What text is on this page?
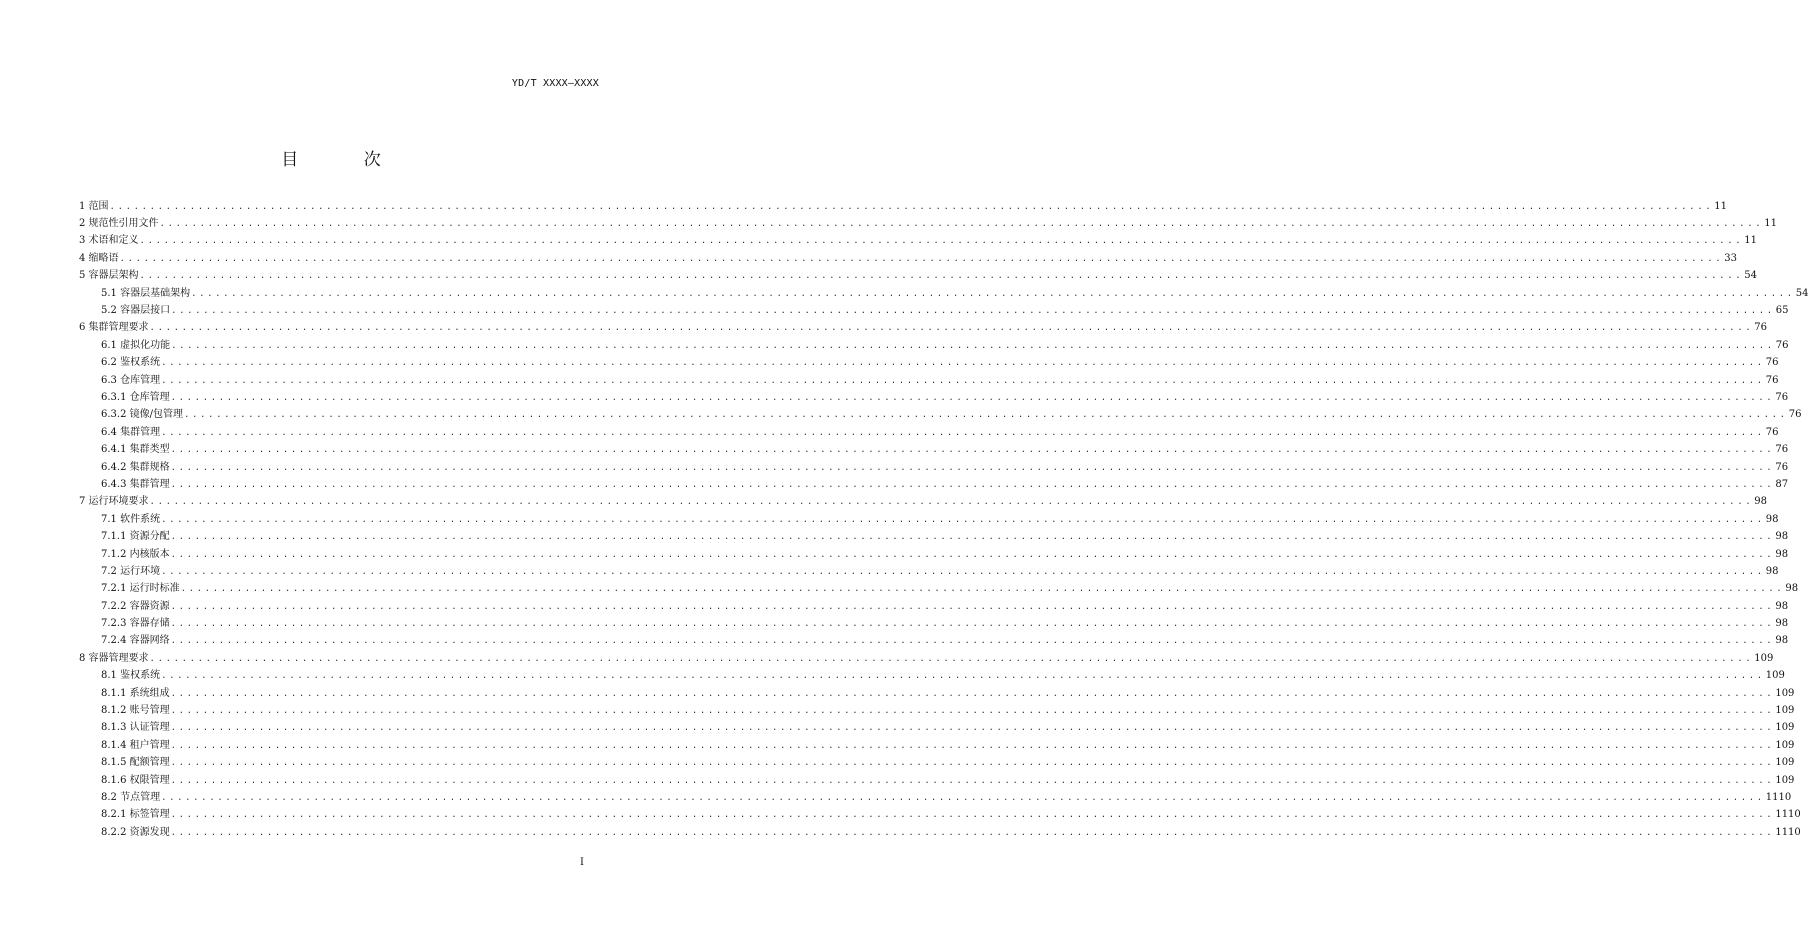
YD/T XXXX—XXXX
目 次
1 范围 ........................................................................................................................................................................................................ 11
2 规范性引用文件 ........................................................................................................................................................................................................ 11
3 术语和定义 ........................................................................................................................................................................................................ 11
4 缩略语 ........................................................................................................................................................................................................ 33
5 容器层架构 ........................................................................................................................................................................................................ 54
5.1 容器层基础架构 ........................................................................................................................................................................................................ 54
5.2 容器层接口 ........................................................................................................................................................................................................ 65
6 集群管理要求 ........................................................................................................................................................................................................ 76
6.1 虚拟化功能 ........................................................................................................................................................................................................ 76
6.2 鉴权系统 ........................................................................................................................................................................................................ 76
6.3 仓库管理 ........................................................................................................................................................................................................ 76
6.3.1 仓库管理 ........................................................................................................................................................................................................ 76
6.3.2 镜像/包管理 ........................................................................................................................................................................................................ 76
6.4 集群管理 ........................................................................................................................................................................................................ 76
6.4.1 集群类型 ........................................................................................................................................................................................................ 76
6.4.2 集群规格 ........................................................................................................................................................................................................ 76
6.4.3 集群管理 ........................................................................................................................................................................................................ 87
7 运行环境要求 ........................................................................................................................................................................................................ 98
7.1 软件系统 ........................................................................................................................................................................................................ 98
7.1.1 资源分配 ........................................................................................................................................................................................................ 98
7.1.2 内核版本 ........................................................................................................................................................................................................ 98
7.2 运行环境 ........................................................................................................................................................................................................ 98
7.2.1 运行时标准 ........................................................................................................................................................................................................ 98
7.2.2 容器资源 ........................................................................................................................................................................................................ 98
7.2.3 容器存储 ........................................................................................................................................................................................................ 98
7.2.4 容器网络 ........................................................................................................................................................................................................ 98
8 容器管理要求 ........................................................................................................................................................................................................ 109
8.1 鉴权系统 ........................................................................................................................................................................................................ 109
8.1.1 系统组成 ........................................................................................................................................................................................................ 109
8.1.2 账号管理 ........................................................................................................................................................................................................ 109
8.1.3 认证管理 ........................................................................................................................................................................................................ 109
8.1.4 租户管理 ........................................................................................................................................................................................................ 109
8.1.5 配额管理 ........................................................................................................................................................................................................ 109
8.1.6 权限管理 ........................................................................................................................................................................................................ 109
8.2 节点管理 ........................................................................................................................................................................................................ 1110
8.2.1 标签管理 ........................................................................................................................................................................................................ 1110
8.2.2 资源发现 ........................................................................................................................................................................................................ 1110
I
